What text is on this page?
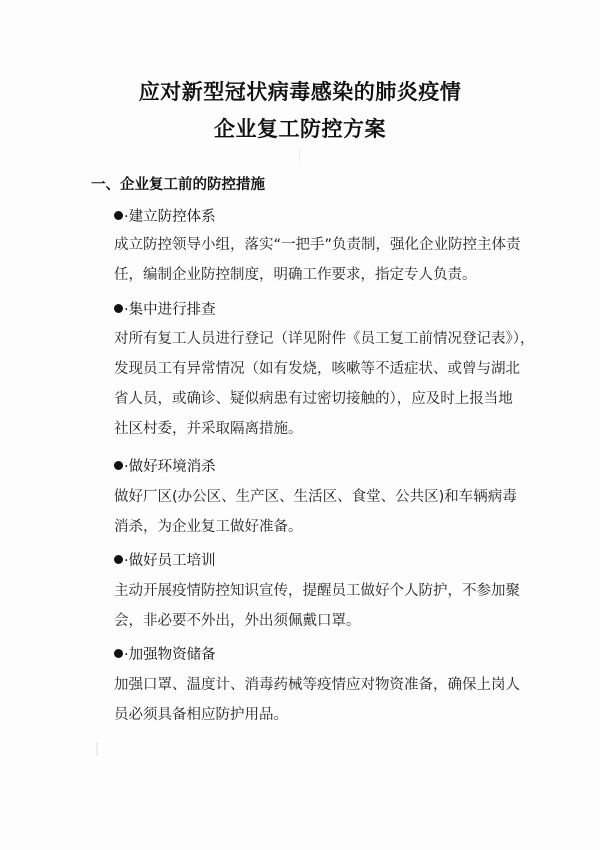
应对新型冠状病毒感染的肺炎疫情
企业复工防控方案
一、企业复工前的防控措施

·建立防控体系

成立防控领导小组，落实“一把手”负责制，强化企业防控主体责
任，编制企业防控制度，明确工作要求，指定专人负责。

·集中进行排查

对所有复工人员进行登记（详见附件《员工复工前情况登记表》），
发现员工有异常情况（如有发烧，咳嗽等不适症状、或曾与湖北
省人员，或确诊、疑似病患有过密切接触的），应及时上报当地
社区村委，并采取隔离措施。

·做好环境消杀

做好厂区(办公区、生产区、生活区、食堂、公共区)和车辆病毒
消杀，为企业复工做好准备。

·做好员工培训

主动开展疫情防控知识宣传，提醒员工做好个人防护，不参加聚
会，非必要不外出，外出须佩戴口罩。

·加强物资储备

加强口罩、温度计、消毒药械等疫情应对物资准备，确保上岗人
员必须具备相应防护用品。
